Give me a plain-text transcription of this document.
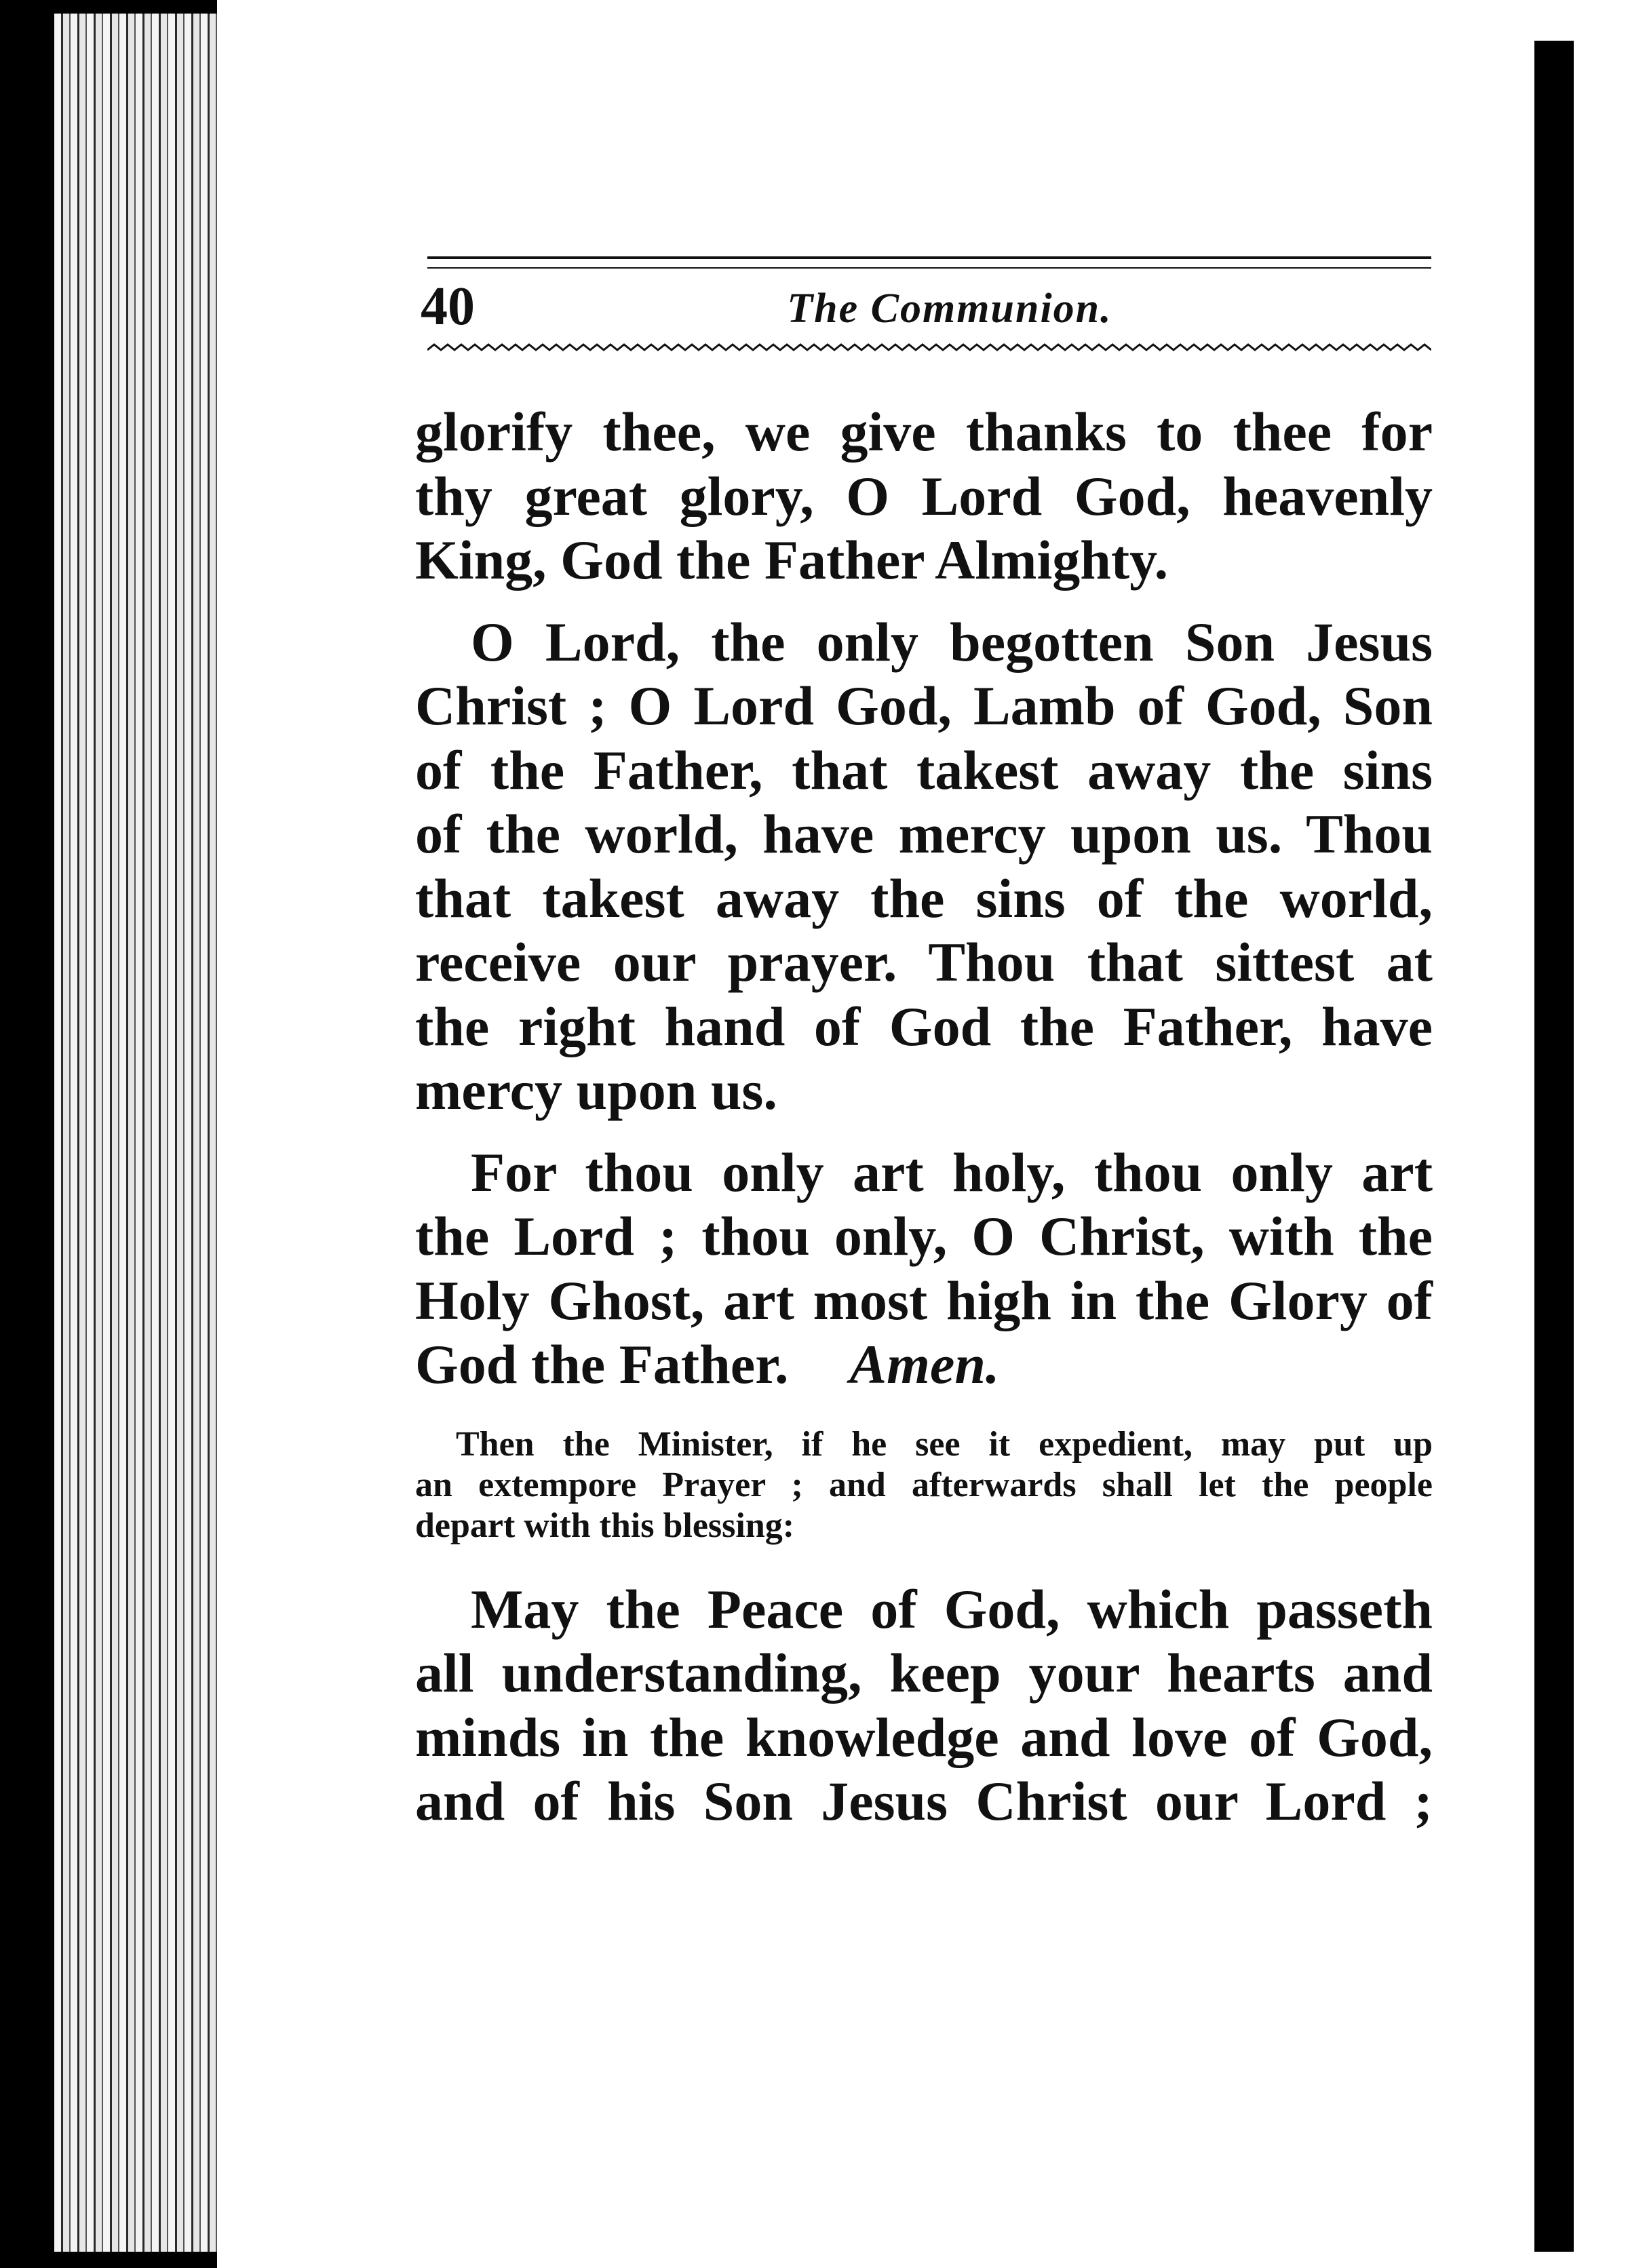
40	The Communion.
glorify thee, we give thanks to thee for
thy great glory, O Lord God, heavenly
King, God the Father Almighty.
O Lord, the only begotten Son Jesus
Christ ; O Lord God, Lamb of God, Son
of the Father, that takest away the sins
of the world, have mercy upon us. Thou
that takest away the sins of the world,
receive our prayer. Thou that sittest at
the right hand of God the Father, have
mercy upon us.
For thou only art holy, thou only art
the Lord ; thou only, O Christ, with the
Holy Ghost, art most high in the Glory of
God the Father. Amen.
Then the Minister, if he see it expedient, may put up
an extempore Prayer ; and afterwards shall let the people
depart with this blessing:
May the Peace of God, which passeth
all understanding, keep your hearts and
minds in the knowledge and love of God,
and of his Son Jesus Christ our Lord ;
